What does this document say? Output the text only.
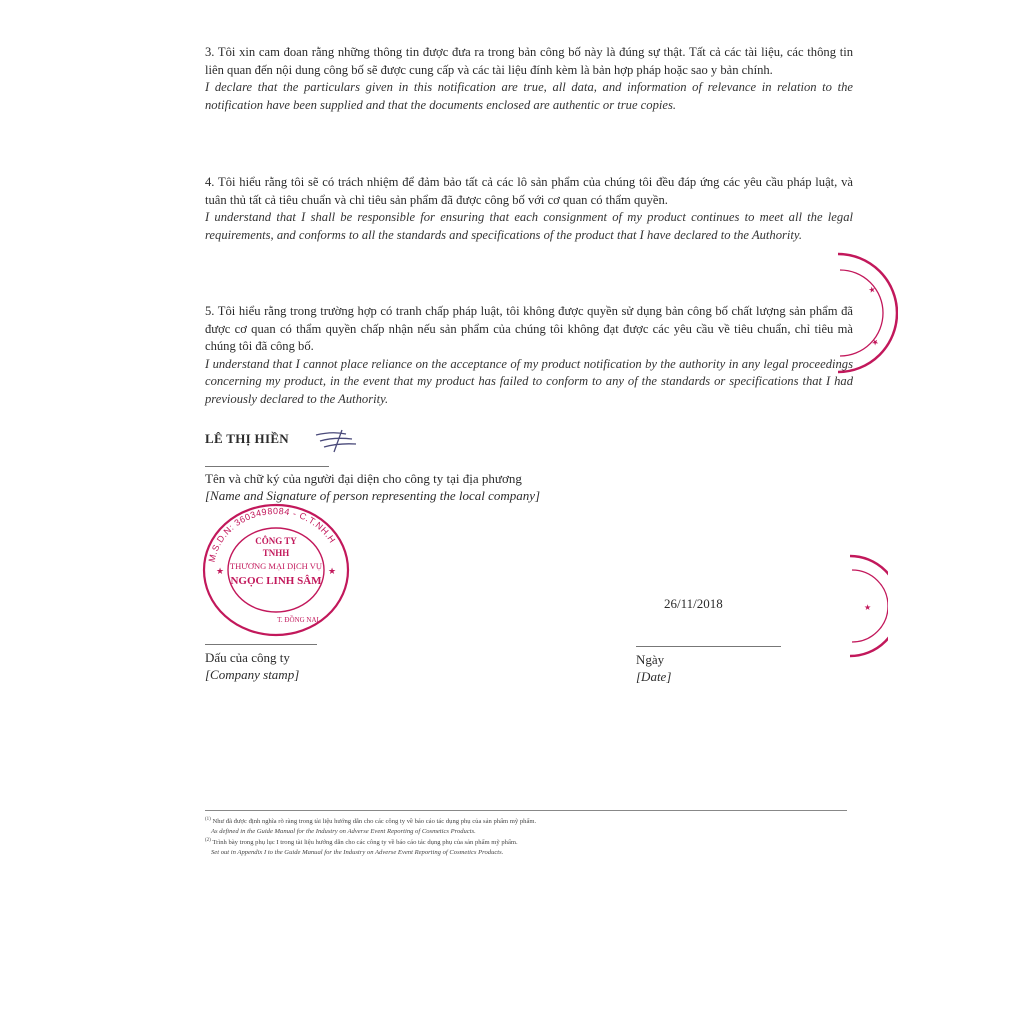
3. Tôi xin cam đoan rằng những thông tin được đưa ra trong bản công bố này là đúng sự thật. Tất cả các tài liệu, các thông tin liên quan đến nội dung công bố sẽ được cung cấp và các tài liệu đính kèm là bản hợp pháp hoặc sao y bản chính.

I declare that the particulars given in this notification are true, all data, and information of relevance in relation to the notification have been supplied and that the documents enclosed are authentic or true copies.

4. Tôi hiểu rằng tôi sẽ có trách nhiệm để đảm bảo tất cả các lô sản phẩm của chúng tôi đều đáp ứng các yêu cầu pháp luật, và tuân thủ tất cả tiêu chuẩn và chỉ tiêu sản phẩm đã được công bố với cơ quan có thẩm quyền.

I understand that I shall be responsible for ensuring that each consignment of my product continues to meet all the legal requirements, and conforms to all the standards and specifications of the product that I have declared to the Authority.

5. Tôi hiểu rằng trong trường hợp có tranh chấp pháp luật, tôi không được quyền sử dụng bản công bố chất lượng sản phẩm đã được cơ quan có thẩm quyền chấp nhận nếu sản phẩm của chúng tôi không đạt được các yêu cầu về tiêu chuẩn, chỉ tiêu mà chúng tôi đã công bố.

I understand that I cannot place reliance on the acceptance of my product notification by the authority in any legal proceedings concerning my product, in the event that my product has failed to conform to any of the standards or specifications that I had previously declared to the Authority.

LÊ THỊ HIỀN
Tên và chữ ký của người đại diện cho công ty tại địa phương
[Name and Signature of person representing the local company]
M.S.D.N: 3603498084 - C.T.NH.H
CÔNG TY
TNHH
THƯƠNG MẠI DỊCH VỤ
NGỌC LINH SÂM
T. ĐỒNG NAI
★	★
Dấu của công ty
[Company stamp]
26/11/2018
Ngày
[Date]
★
★
★
$^{(1)}$ Như đã được định nghĩa rõ ràng trong tài liệu hướng dẫn cho các công ty về báo cáo tác dụng phụ của sản phẩm mỹ phẩm.
As defined in the Guide Manual for the Industry on Adverse Event Reporting of Cosmetics Products.
$^{(2)}$ Trình bày trong phụ lục I trong tài liệu hướng dẫn cho các công ty về báo cáo tác dụng phụ của sản phẩm mỹ phẩm.
Set out in Appendix I to the Guide Manual for the Industry on Adverse Event Reporting of Cosmetics Products.
